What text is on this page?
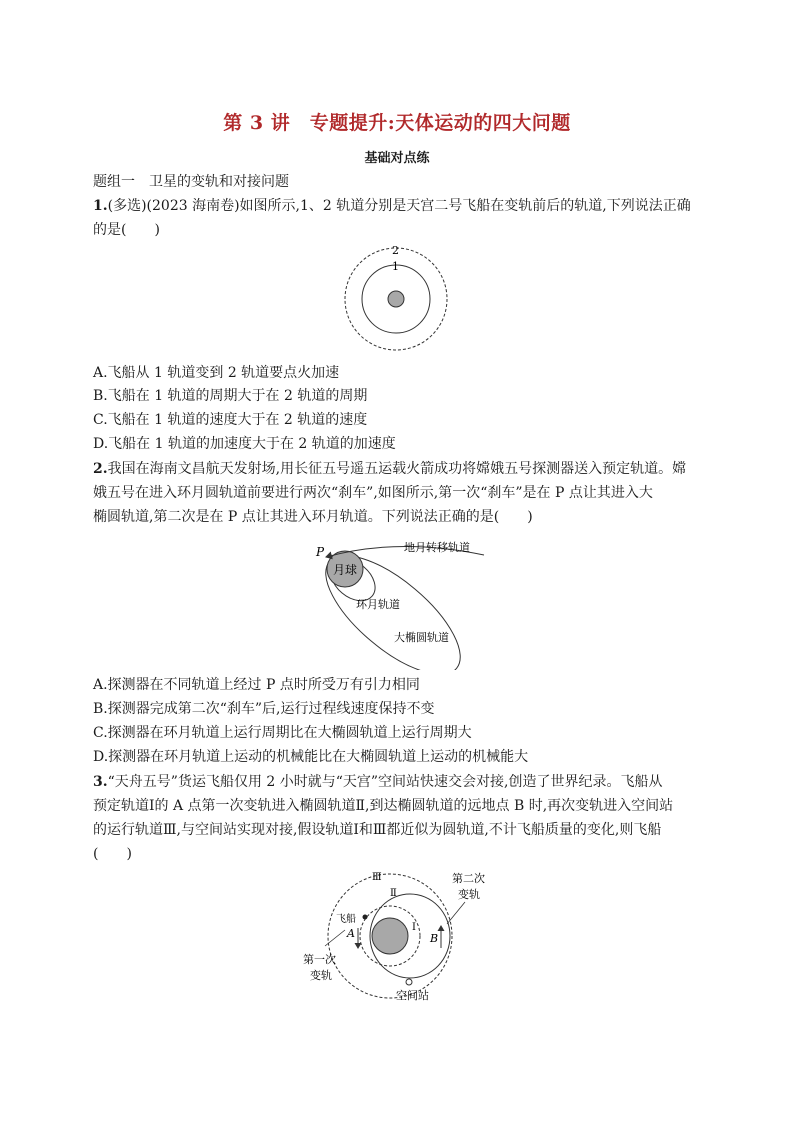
第 3 讲　专题提升:天体运动的四大问题
基础对点练
题组一　卫星的变轨和对接问题
1.(多选)(2023 海南卷)如图所示,1、2 轨道分别是天宫二号飞船在变轨前后的轨道,下列说法正确
的是(　　)
2
1
A.飞船从 1 轨道变到 2 轨道要点火加速
B.飞船在 1 轨道的周期大于在 2 轨道的周期
C.飞船在 1 轨道的速度大于在 2 轨道的速度
D.飞船在 1 轨道的加速度大于在 2 轨道的加速度
2.我国在海南文昌航天发射场,用长征五号遥五运载火箭成功将嫦娥五号探测器送入预定轨道。嫦
娥五号在进入环月圆轨道前要进行两次“刹车”,如图所示,第一次“刹车”是在 P 点让其进入大
椭圆轨道,第二次是在 P 点让其进入环月轨道。下列说法正确的是(　　)
月球
P	地月转移轨道
环月轨道
大椭圆轨道
A.探测器在不同轨道上经过 P 点时所受万有引力相同
B.探测器完成第二次“刹车”后,运行过程线速度保持不变
C.探测器在环月轨道上运行周期比在大椭圆轨道上运行周期大
D.探测器在环月轨道上运动的机械能比在大椭圆轨道上运动的机械能大
3.“天舟五号”货运飞船仅用 2 小时就与“天宫”空间站快速交会对接,创造了世界纪录。飞船从
预定轨道Ⅰ的 A 点第一次变轨进入椭圆轨道Ⅱ,到达椭圆轨道的远地点 B 时,再次变轨进入空间站
的运行轨道Ⅲ,与空间站实现对接,假设轨道Ⅰ和Ⅲ都近似为圆轨道,不计飞船质量的变化,则飞船
(　　)
Ⅲ
Ⅱ
Ⅰ
飞船
A	B
第一次
变轨
第二次
变轨
空间站
